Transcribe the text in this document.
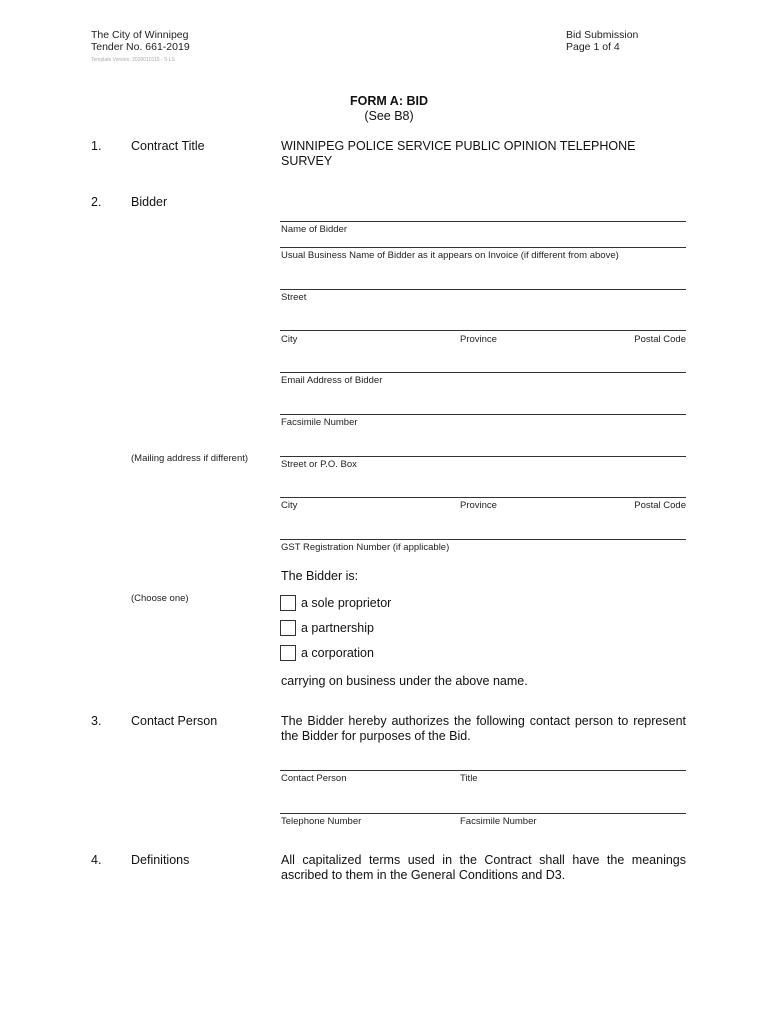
The City of Winnipeg
Tender No. 661-2019
Template Version: 2020010115 - S LS
Bid Submission
Page 1 of 4
FORM A: BID
(See B8)
1. Contract Title	WINNIPEG POLICE SERVICE PUBLIC OPINION TELEPHONE SURVEY
2. Bidder
Name of Bidder
Usual Business Name of Bidder as it appears on Invoice (if different from above)
Street
City	Province	Postal Code
Email Address of Bidder
Facsimile Number
(Mailing address if different)
Street or P.O. Box
City	Province	Postal Code
GST Registration Number (if applicable)
The Bidder is:
(Choose one)	a sole proprietor
a partnership
a corporation
carrying on business under the above name.
3. Contact Person	The Bidder hereby authorizes the following contact person to represent the Bidder for purposes of the Bid.
Contact Person	Title
Telephone Number	Facsimile Number
4. Definitions	All capitalized terms used in the Contract shall have the meanings ascribed to them in the General Conditions and D3.
